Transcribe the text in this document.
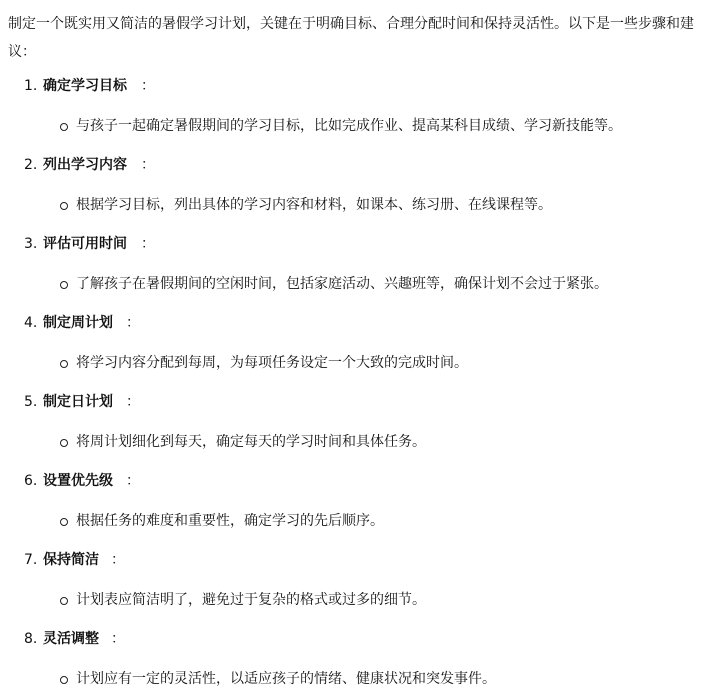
制定一个既实用又简洁的暑假学习计划，关键在于明确目标、合理分配时间和保持灵活性。以下是一些步骤和建议：

1. 确定学习目标 ：
与孩子一起确定暑假期间的学习目标，比如完成作业、提高某科目成绩、学习新技能等。
2. 列出学习内容 ：
根据学习目标，列出具体的学习内容和材料，如课本、练习册、在线课程等。
3. 评估可用时间 ：
了解孩子在暑假期间的空闲时间，包括家庭活动、兴趣班等，确保计划不会过于紧张。
4. 制定周计划 ：
将学习内容分配到每周，为每项任务设定一个大致的完成时间。
5. 制定日计划 ：
将周计划细化到每天，确定每天的学习时间和具体任务。
6. 设置优先级 ：
根据任务的难度和重要性，确定学习的先后顺序。
7. 保持简洁 ：
计划表应简洁明了，避免过于复杂的格式或过多的细节。
8. 灵活调整 ：
计划应有一定的灵活性，以适应孩子的情绪、健康状况和突发事件。
